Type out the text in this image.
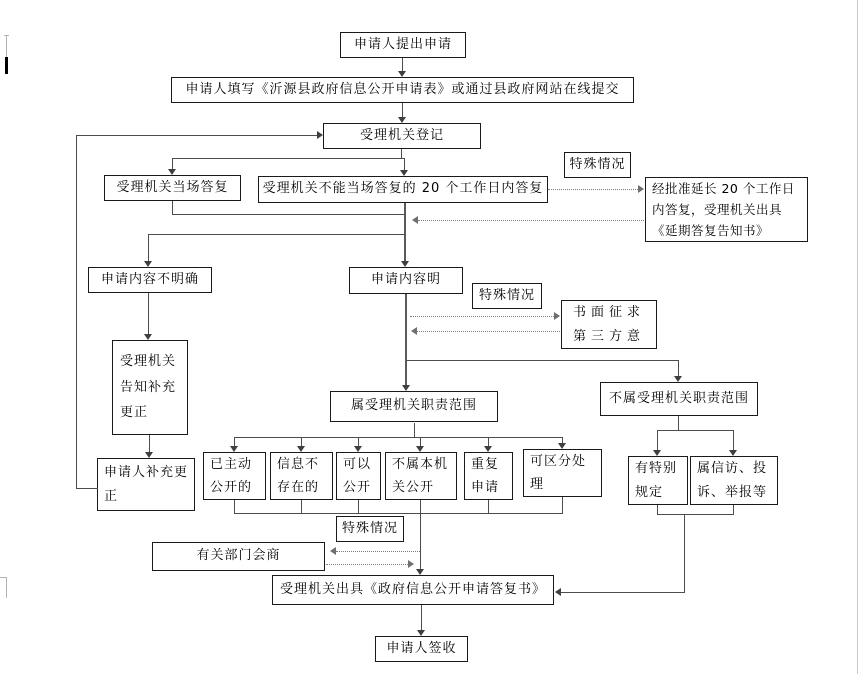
申请人提出申请
申请人填写《沂源县政府信息公开申请表》或通过县政府网站在线提交
受理机关登记
受理机关当场答复	受理机关不能当场答复的 20 个工作日内答复
特殊情况
经批准延长 20 个工作日内答复，受理机关出具《延期答复告知书》
申请内容不明确	申请内容明
特殊情况
书面征求第三方意
受理机关告知补充更正
申请人补充更正
属受理机关职责范围	不属受理机关职责范围
已主动公开的
信息不存在的
可以公开
不属本机关公开
重复申请
可区分处理
有特别规定
属信访、投诉、举报等
特殊情况
有关部门会商
受理机关出具《政府信息公开申请答复书》
申请人签收
